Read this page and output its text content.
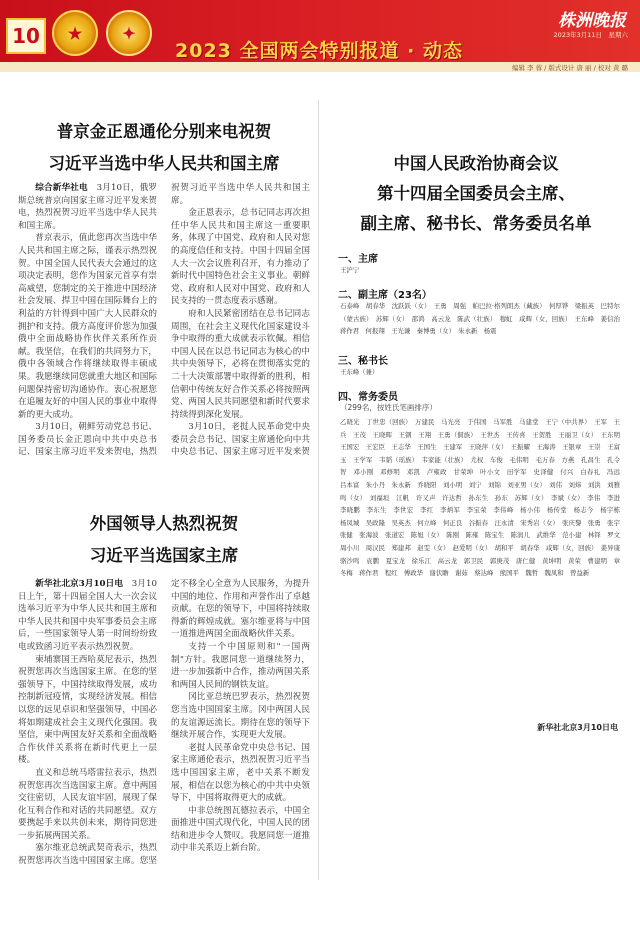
10 ★	✦
2023 全国两会特别报道 · 动态
株洲晚报
2023年3月11日　星期六
编辑 李 蓉 / 版式设计 唐 丽 / 校对 黄 璐
普京金正恩通伦分别来电祝贺
习近平当选中华人民共和国主席

综合新华社电　 3月10日，俄罗斯总统普京向国家主席习近平发来贺电，热烈祝贺习近平当选中华人民共和国主席。

普京表示，值此您再次当选中华人民共和国主席之际，谨表示热烈祝贺。中国全国人民代表大会通过的这项决定表明，您作为国家元首享有崇高威望，您制定的关于推进中国经济社会发展、捍卫中国在国际舞台上的利益的方针得到中国广大人民群众的拥护和支持。俄方高度评价您为加强俄中全面战略协作伙伴关系所作贡献。我坚信，在我们的共同努力下，俄中各领域合作将继续取得丰硕成果。我愿继续同您就重大地区和国际问题保持密切沟通协作。衷心祝愿您在追履友好的中国人民的事业中取得新的更大成功。

3月10日，朝鲜劳动党总书记、国务委员长金正恩向中共中央总书记、国家主席习近平发来贺电，热烈祝贺习近平当选中华人民共和国主席。

金正恩表示，总书记同志再次担任中华人民共和国主席这一重要职务，体现了中国党、政府和人民对您的高度信任和支持。中国十四届全国人大一次会议胜利召开，有力推动了新时代中国特色社会主义事业。朝鲜党、政府和人民对中国党、政府和人民支持的一贯态度表示感谢。

府和人民紧密团结在总书记同志周围，在社会主义现代化国家建设斗争中取得的重大成就表示钦佩。相信中国人民在以总书记同志为核心的中共中央领导下，必将在贯彻落实党的二十大决策部署中取得新的胜利，相信朝中传统友好合作关系必将按照两党、两国人民共同愿望和新时代要求持续得到深化发展。

3月10日，老挝人民革命党中央委员会总书记、国家主席通伦向中共中央总书记、国家主席习近平发来贺

外国领导人热烈祝贺
习近平当选国家主席

新华社北京3月10日电　 3月10日上午，第十四届全国人大一次会议选举习近平为中华人民共和国主席和中华人民共和国中央军事委员会主席后，一些国家领导人第一时间纷纷致电或致函习近平表示热烈祝贺。

柬埔寨国王西哈莫尼表示，热烈祝贺您再次当选国家主席。在您的坚强领导下，中国持续取得发展，成功控制新冠疫情，实现经济发展。相信以您的远见卓识和坚强领导，中国必将如期建成社会主义现代化强国。我坚信，柬中两国友好关系和全面战略合作伙伴关系将在新时代更上一层楼。

直义和总统马塔雷拉表示，热烈祝贺您再次当选国家主席。意中两国交往密切，人民友谊牢固，展现了保化互利合作和对话的共同愿望。双方要携起手来以共创未来，期待同您进一步拓展两国关系。

塞尔维亚总统武契奇表示，热烈祝贺您再次当选中国国家主席。您坚定不移全心全意为人民服务，为提升中国的地位、作用和声誉作出了卓越贡献。在您的领导下，中国将持续取得新的辉煌成就。塞尔维亚将与中国一道推进两国全面战略伙伴关系。

支持一个中国原则和"一国两制"方针。我愿同您一道继续努力，进一步加强新中合作，推动两国关系和两国人民间的钢铁友谊。

冈比亚总统巴罗表示，热烈祝贺您当选中国国家主席。冈中两国人民的友谊源远流长。期待在您的领导下继续开展合作，实现更大发展。

老挝人民革命党中央总书记、国家主席通伦表示，热烈祝贺习近平当选中国国家主席，老中关系不断发展，相信在以您为核心的中共中央领导下，中国将取得更大的成就。

中非总统图瓦德拉表示，中国全面推进中国式现代化，中国人民的团结和进步令人赞叹。我愿同您一道推动中非关系迈上新台阶。

中国人民政治协商会议
第十四届全国委员会主席、
副主席、秘书长、常务委员名单
一、主席
王沪宁
二、副主席（23名）
石泰峰　胡春华　沈跃跃（女）　王勇　周强　帕巴拉·格列朗杰（藏族）　何厚铧　梁振英　巴特尔（蒙古族）　苏辉（女）　邵鸿　高云龙　陈武（壮族）　穆虹　咸辉（女，回族）　王东峰　姜信治　蒋作君　何报翔　王光谦　秦博勇（女）　朱永新　杨震
三、秘书长
王东峰（兼）
四、常务委员
（299名，按姓氏笔画排序）
乙晓光　丁世忠（回族）　万建民　马光亮　于伟国　马军胜　马建堂　王宁（中共界）　王军　王兵　王茂　王晓晖　王钢　王翔　王勇（侗族）　王世杰　王传喜　王贺胜　王丽卫（女）　王东明　王国宏　王宏臣　王志华　王国生　王建军　王晓萍（女）　王振耀　王海涛　王银章　王崇　王富玉　王学军　韦韬（瑶族）　韦家能（壮族）　尤权　车俊　毛伟明　毛万春　方燕　孔昌生　孔令智　邓小刚　邓修明　邓凯　卢雍政　甘荣坤　叶小文　田学军　史泽健　付兴　白春礼　冯远　吕本富　朱小丹　朱永新　乔晓阳　刘小明　刘宁　刘锦　刘亚男（女）　刘伟　刘炜　刘洪　刘雅鸣（女）　刘福垣　江帆　许又声　许达哲　孙东生　孙东　苏辉（女）　李斌（女）　李伟　李进　李晓鹏　李东生　李世宏　李红　李炳军　李宝荣　李伟峰　杨小伟　杨传堂　杨志今　杨宇栋　杨凤城　吴政隆　吴英杰　何立峰　何正良　谷振春　汪永清　宋秀岩（女）　张庆黎　张勇　张宇　张健　张海波　张道宏　陈旭（女）　陈刚　陈雍　陈宝生　陈润儿　武维华　范小建　林铎　罗文　周小川　周汉民　郑建邦　赵雯（女）　赵爱明（女）　胡和平　胡春华　咸辉（女，回族）　姜异康　骆沙鸣　袁鹏　夏宝龙　徐乐江　高云龙　郭卫民　郭庚茂　唐仁健　黄坤明　黄荣　曹建明　章冬梅　蒋作君　程红　傅政华　谢伏瞻　谢茹　蔡达峰　熊国平　魏哲　魏凤和　曾益新
新华社北京3月10日电
